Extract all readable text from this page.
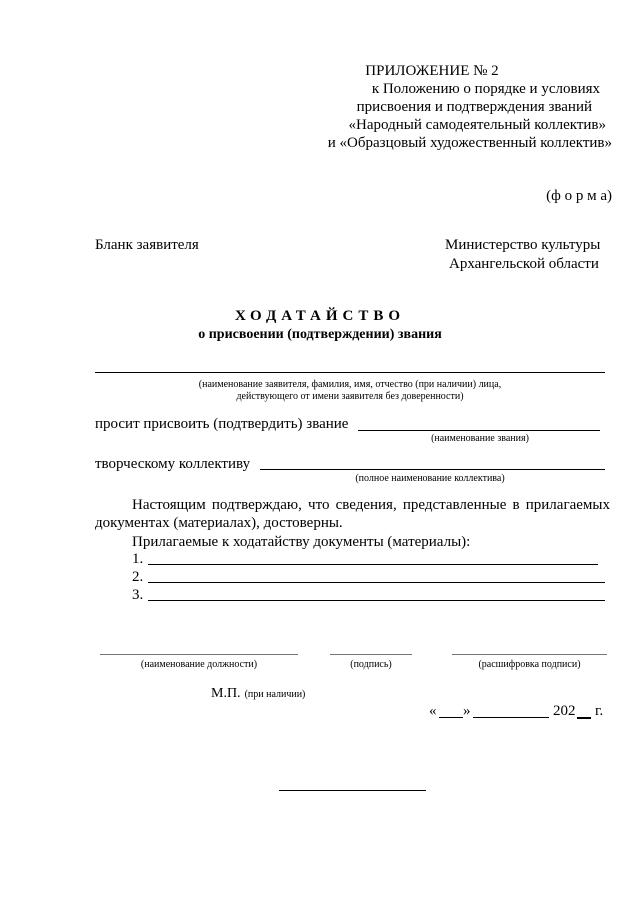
ПРИЛОЖЕНИЕ № 2
к Положению о порядке и условиях
присвоения и подтверждения званий
«Народный самодеятельный коллектив»
и «Образцовый художественный коллектив»
(ф о р м а)
Бланк заявителя	Министерство культуры
Архангельской области
ХОДАТАЙСТВО
о присвоении (подтверждении) звания
(наименование заявителя, фамилия, имя, отчество (при наличии) лица,
действующего от имени заявителя без доверенности)
просит присвоить (подтвердить) звание
(наименование звания)
творческому коллективу
(полное наименование коллектива)
Настоящим подтверждаю, что сведения, представленные в прилагаемых
документах (материалах), достоверны.
Прилагаемые к ходатайству документы (материалы):
1.
2.
3.
(наименование должности)	(подпись)	(расшифровка подписи)
М.П. (при наличии)
« »	202 г.
